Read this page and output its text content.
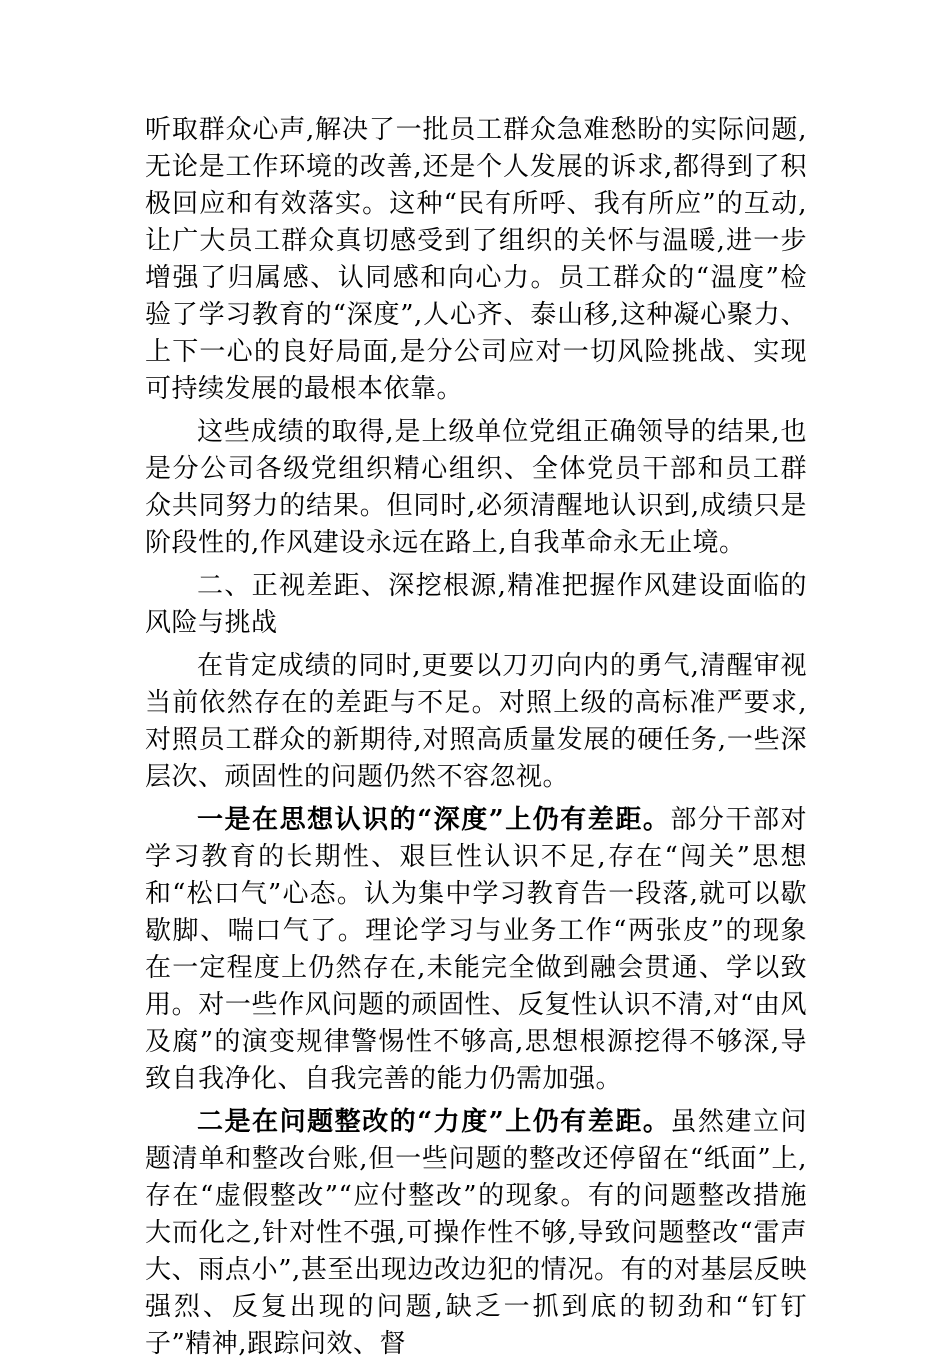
听取群众心声,解决了一批员工群众急难愁盼的实际问题,无论是工作环境的改善,还是个人发展的诉求,都得到了积极回应和有效落实。这种“民有所呼、我有所应”的互动,让广大员工群众真切感受到了组织的关怀与温暖,进一步增强了归属感、认同感和向心力。员工群众的“温度”检验了学习教育的“深度”,人心齐、泰山移,这种凝心聚力、上下一心的良好局面,是分公司应对一切风险挑战、实现可持续发展的最根本依靠。

这些成绩的取得,是上级单位党组正确领导的结果,也是分公司各级党组织精心组织、全体党员干部和员工群众共同努力的结果。但同时,必须清醒地认识到,成绩只是阶段性的,作风建设永远在路上,自我革命永无止境。

二、正视差距、深挖根源,精准把握作风建设面临的风险与挑战

在肯定成绩的同时,更要以刀刃向内的勇气,清醒审视当前依然存在的差距与不足。对照上级的高标准严要求,对照员工群众的新期待,对照高质量发展的硬任务,一些深层次、顽固性的问题仍然不容忽视。

一是在思想认识的“深度”上仍有差距。部分干部对学习教育的长期性、艰巨性认识不足,存在“闯关”思想和“松口气”心态。认为集中学习教育告一段落,就可以歇歇脚、喘口气了。理论学习与业务工作“两张皮”的现象在一定程度上仍然存在,未能完全做到融会贯通、学以致用。对一些作风问题的顽固性、反复性认识不清,对“由风及腐”的演变规律警惕性不够高,思想根源挖得不够深,导致自我净化、自我完善的能力仍需加强。

二是在问题整改的“力度”上仍有差距。虽然建立问题清单和整改台账,但一些问题的整改还停留在“纸面”上,存在“虚假整改”“应付整改”的现象。有的问题整改措施大而化之,针对性不强,可操作性不够,导致问题整改“雷声大、雨点小”,甚至出现边改边犯的情况。有的对基层反映强烈、反复出现的问题,缺乏一抓到底的韧劲和“钉钉子”精神,跟踪问效、督
